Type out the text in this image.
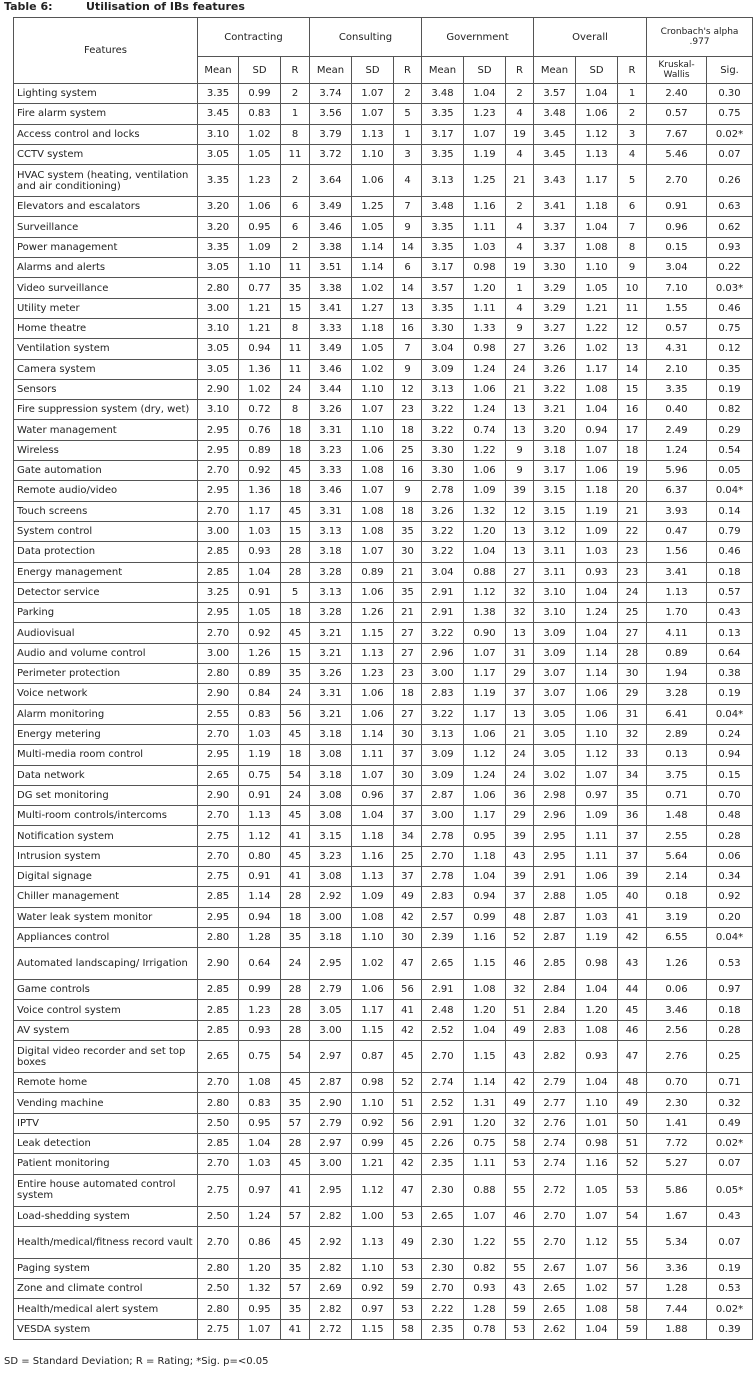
Table 6:	Utilisation of IBs features
Features	Contracting			Consulting			Government			Overall			Cronbach's alpha .977	
	Mean	SD	R	Mean	SD	R	Mean	SD	R	Mean	SD	R	Kruskal-Wallis	Sig.
Lighting system	3.35	0.99	2	3.74	1.07	2	3.48	1.04	2	3.57	1.04	1	2.40	0.30
Fire alarm system	3.45	0.83	1	3.56	1.07	5	3.35	1.23	4	3.48	1.06	2	0.57	0.75
Access control and locks	3.10	1.02	8	3.79	1.13	1	3.17	1.07	19	3.45	1.12	3	7.67	0.02*
CCTV system	3.05	1.05	11	3.72	1.10	3	3.35	1.19	4	3.45	1.13	4	5.46	0.07
HVAC system (heating, ventilation and air conditioning)	3.35	1.23	2	3.64	1.06	4	3.13	1.25	21	3.43	1.17	5	2.70	0.26
Elevators and escalators	3.20	1.06	6	3.49	1.25	7	3.48	1.16	2	3.41	1.18	6	0.91	0.63
Surveillance	3.20	0.95	6	3.46	1.05	9	3.35	1.11	4	3.37	1.04	7	0.96	0.62
Power management	3.35	1.09	2	3.38	1.14	14	3.35	1.03	4	3.37	1.08	8	0.15	0.93
Alarms and alerts	3.05	1.10	11	3.51	1.14	6	3.17	0.98	19	3.30	1.10	9	3.04	0.22
Video surveillance	2.80	0.77	35	3.38	1.02	14	3.57	1.20	1	3.29	1.05	10	7.10	0.03*
Utility meter	3.00	1.21	15	3.41	1.27	13	3.35	1.11	4	3.29	1.21	11	1.55	0.46
Home theatre	3.10	1.21	8	3.33	1.18	16	3.30	1.33	9	3.27	1.22	12	0.57	0.75
Ventilation system	3.05	0.94	11	3.49	1.05	7	3.04	0.98	27	3.26	1.02	13	4.31	0.12
Camera system	3.05	1.36	11	3.46	1.02	9	3.09	1.24	24	3.26	1.17	14	2.10	0.35
Sensors	2.90	1.02	24	3.44	1.10	12	3.13	1.06	21	3.22	1.08	15	3.35	0.19
Fire suppression system (dry, wet)	3.10	0.72	8	3.26	1.07	23	3.22	1.24	13	3.21	1.04	16	0.40	0.82
Water management	2.95	0.76	18	3.31	1.10	18	3.22	0.74	13	3.20	0.94	17	2.49	0.29
Wireless	2.95	0.89	18	3.23	1.06	25	3.30	1.22	9	3.18	1.07	18	1.24	0.54
Gate automation	2.70	0.92	45	3.33	1.08	16	3.30	1.06	9	3.17	1.06	19	5.96	0.05
Remote audio/video	2.95	1.36	18	3.46	1.07	9	2.78	1.09	39	3.15	1.18	20	6.37	0.04*
Touch screens	2.70	1.17	45	3.31	1.08	18	3.26	1.32	12	3.15	1.19	21	3.93	0.14
System control	3.00	1.03	15	3.13	1.08	35	3.22	1.20	13	3.12	1.09	22	0.47	0.79
Data protection	2.85	0.93	28	3.18	1.07	30	3.22	1.04	13	3.11	1.03	23	1.56	0.46
Energy management	2.85	1.04	28	3.28	0.89	21	3.04	0.88	27	3.11	0.93	23	3.41	0.18
Detector service	3.25	0.91	5	3.13	1.06	35	2.91	1.12	32	3.10	1.04	24	1.13	0.57
Parking	2.95	1.05	18	3.28	1.26	21	2.91	1.38	32	3.10	1.24	25	1.70	0.43
Audiovisual	2.70	0.92	45	3.21	1.15	27	3.22	0.90	13	3.09	1.04	27	4.11	0.13
Audio and volume control	3.00	1.26	15	3.21	1.13	27	2.96	1.07	31	3.09	1.14	28	0.89	0.64
Perimeter protection	2.80	0.89	35	3.26	1.23	23	3.00	1.17	29	3.07	1.14	30	1.94	0.38
Voice network	2.90	0.84	24	3.31	1.06	18	2.83	1.19	37	3.07	1.06	29	3.28	0.19
Alarm monitoring	2.55	0.83	56	3.21	1.06	27	3.22	1.17	13	3.05	1.06	31	6.41	0.04*
Energy metering	2.70	1.03	45	3.18	1.14	30	3.13	1.06	21	3.05	1.10	32	2.89	0.24
Multi-media room control	2.95	1.19	18	3.08	1.11	37	3.09	1.12	24	3.05	1.12	33	0.13	0.94
Data network	2.65	0.75	54	3.18	1.07	30	3.09	1.24	24	3.02	1.07	34	3.75	0.15
DG set monitoring	2.90	0.91	24	3.08	0.96	37	2.87	1.06	36	2.98	0.97	35	0.71	0.70
Multi-room controls/intercoms	2.70	1.13	45	3.08	1.04	37	3.00	1.17	29	2.96	1.09	36	1.48	0.48
Notification system	2.75	1.12	41	3.15	1.18	34	2.78	0.95	39	2.95	1.11	37	2.55	0.28
Intrusion system	2.70	0.80	45	3.23	1.16	25	2.70	1.18	43	2.95	1.11	37	5.64	0.06
Digital signage	2.75	0.91	41	3.08	1.13	37	2.78	1.04	39	2.91	1.06	39	2.14	0.34
Chiller management	2.85	1.14	28	2.92	1.09	49	2.83	0.94	37	2.88	1.05	40	0.18	0.92
Water leak system monitor	2.95	0.94	18	3.00	1.08	42	2.57	0.99	48	2.87	1.03	41	3.19	0.20
Appliances control	2.80	1.28	35	3.18	1.10	30	2.39	1.16	52	2.87	1.19	42	6.55	0.04*
Automated landscaping/ Irrigation	2.90	0.64	24	2.95	1.02	47	2.65	1.15	46	2.85	0.98	43	1.26	0.53
Game controls	2.85	0.99	28	2.79	1.06	56	2.91	1.08	32	2.84	1.04	44	0.06	0.97
Voice control system	2.85	1.23	28	3.05	1.17	41	2.48	1.20	51	2.84	1.20	45	3.46	0.18
AV system	2.85	0.93	28	3.00	1.15	42	2.52	1.04	49	2.83	1.08	46	2.56	0.28
Digital video recorder and set top boxes	2.65	0.75	54	2.97	0.87	45	2.70	1.15	43	2.82	0.93	47	2.76	0.25
Remote home	2.70	1.08	45	2.87	0.98	52	2.74	1.14	42	2.79	1.04	48	0.70	0.71
Vending machine	2.80	0.83	35	2.90	1.10	51	2.52	1.31	49	2.77	1.10	49	2.30	0.32
IPTV	2.50	0.95	57	2.79	0.92	56	2.91	1.20	32	2.76	1.01	50	1.41	0.49
Leak detection	2.85	1.04	28	2.97	0.99	45	2.26	0.75	58	2.74	0.98	51	7.72	0.02*
Patient monitoring	2.70	1.03	45	3.00	1.21	42	2.35	1.11	53	2.74	1.16	52	5.27	0.07
Entire house automated control system	2.75	0.97	41	2.95	1.12	47	2.30	0.88	55	2.72	1.05	53	5.86	0.05*
Load-shedding system	2.50	1.24	57	2.82	1.00	53	2.65	1.07	46	2.70	1.07	54	1.67	0.43
Health/medical/fitness record vault	2.70	0.86	45	2.92	1.13	49	2.30	1.22	55	2.70	1.12	55	5.34	0.07
Paging system	2.80	1.20	35	2.82	1.10	53	2.30	0.82	55	2.67	1.07	56	3.36	0.19
Zone and climate control	2.50	1.32	57	2.69	0.92	59	2.70	0.93	43	2.65	1.02	57	1.28	0.53
Health/medical alert system	2.80	0.95	35	2.82	0.97	53	2.22	1.28	59	2.65	1.08	58	7.44	0.02*
VESDA system	2.75	1.07	41	2.72	1.15	58	2.35	0.78	53	2.62	1.04	59	1.88	0.39
SD = Standard Deviation; R = Rating; *Sig. p=<0.05
